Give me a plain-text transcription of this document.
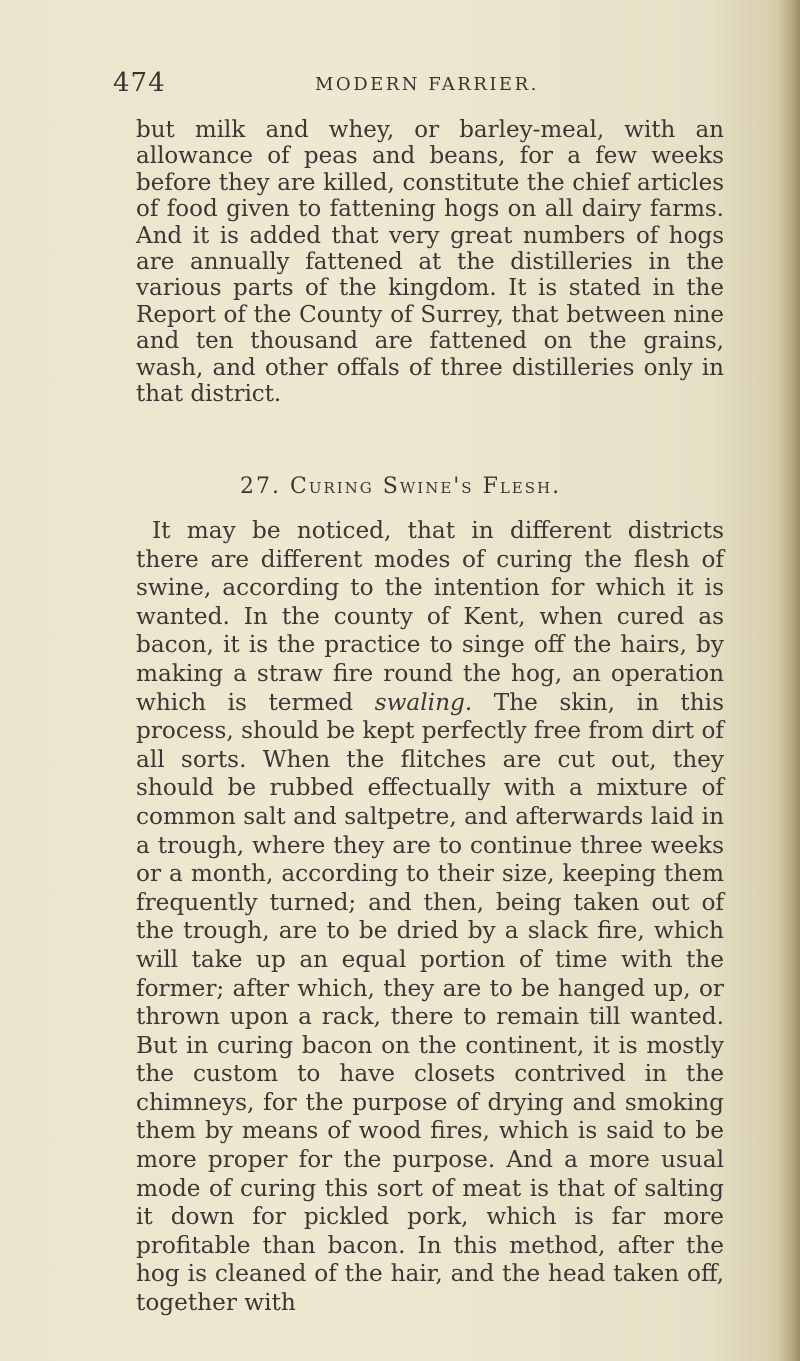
474	MODERN FARRIER.

but milk and whey, or barley-meal, with an allowance of peas and beans, for a few weeks before they are killed, constitute the chief articles of food given to fattening hogs on all dairy farms. And it is added that very great numbers of hogs are annually fattened at the distilleries in the various parts of the kingdom. It is stated in the Report of the County of Surrey, that between nine and ten thousand are fattened on the grains, wash, and other offals of three distilleries only in that district.

27. Curing Swine's Flesh.

It may be noticed, that in different districts there are different modes of curing the flesh of swine, according to the intention for which it is wanted. In the county of Kent, when cured as bacon, it is the practice to singe off the hairs, by making a straw fire round the hog, an operation which is termed swaling. The skin, in this process, should be kept perfectly free from dirt of all sorts. When the flitches are cut out, they should be rubbed effectually with a mixture of common salt and saltpetre, and afterwards laid in a trough, where they are to continue three weeks or a month, according to their size, keeping them frequently turned; and then, being taken out of the trough, are to be dried by a slack fire, which will take up an equal portion of time with the former; after which, they are to be hanged up, or thrown upon a rack, there to remain till wanted. But in curing bacon on the continent, it is mostly the custom to have closets contrived in the chimneys, for the purpose of drying and smoking them by means of wood fires, which is said to be more proper for the purpose. And a more usual mode of curing this sort of meat is that of salting it down for pickled pork, which is far more profitable than bacon. In this method, after the hog is cleaned of the hair, and the head taken off, together with
